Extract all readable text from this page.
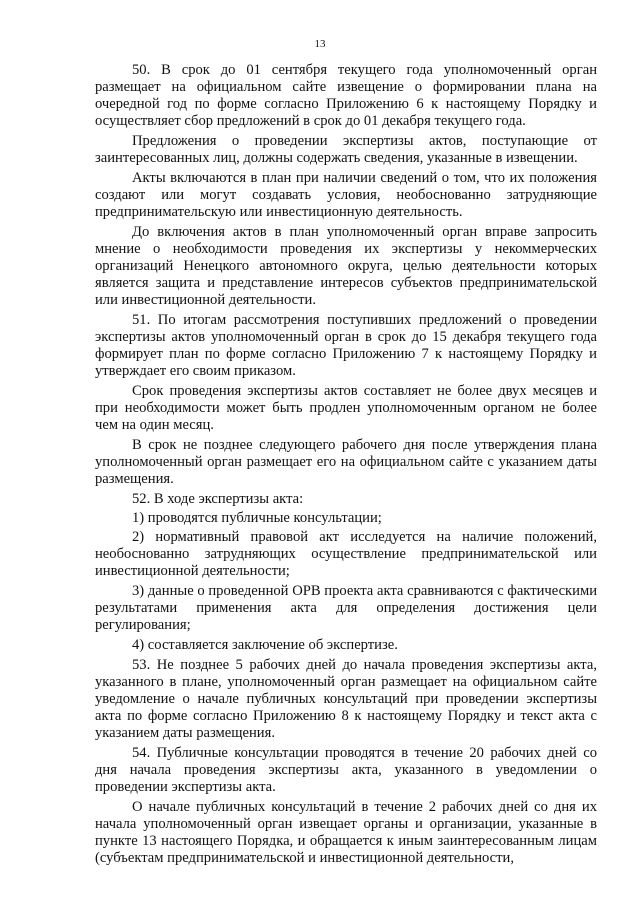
13

50. В срок до 01 сентября текущего года уполномоченный орган размещает на официальном сайте извещение о формировании плана на очередной год по форме согласно Приложению 6 к настоящему Порядку и осуществляет сбор предложений в срок до 01 декабря текущего года.

Предложения о проведении экспертизы актов, поступающие от заинтересованных лиц, должны содержать сведения, указанные в извещении.

Акты включаются в план при наличии сведений о том, что их положения создают или могут создавать условия, необоснованно затрудняющие предпринимательскую или инвестиционную деятельность.

До включения актов в план уполномоченный орган вправе запросить мнение о необходимости проведения их экспертизы у некоммерческих организаций Ненецкого автономного округа, целью деятельности которых является защита и представление интересов субъектов предпринимательской или инвестиционной деятельности.

51. По итогам рассмотрения поступивших предложений о проведении экспертизы актов уполномоченный орган в срок до 15 декабря текущего года формирует план по форме согласно Приложению 7 к настоящему Порядку и утверждает его своим приказом.

Срок проведения экспертизы актов составляет не более двух месяцев и при необходимости может быть продлен уполномоченным органом не более чем на один месяц.

В срок не позднее следующего рабочего дня после утверждения плана уполномоченный орган размещает его на официальном сайте с указанием даты размещения.

52. В ходе экспертизы акта:

1) проводятся публичные консультации;

2) нормативный правовой акт исследуется на наличие положений, необоснованно затрудняющих осуществление предпринимательской или инвестиционной деятельности;

3) данные о проведенной ОРВ проекта акта сравниваются с фактическими результатами применения акта для определения достижения цели регулирования;

4) составляется заключение об экспертизе.

53. Не позднее 5 рабочих дней до начала проведения экспертизы акта, указанного в плане, уполномоченный орган размещает на официальном сайте уведомление о начале публичных консультаций при проведении экспертизы акта по форме согласно Приложению 8 к настоящему Порядку и текст акта с указанием даты размещения.

54. Публичные консультации проводятся в течение 20 рабочих дней со дня начала проведения экспертизы акта, указанного в уведомлении о проведении экспертизы акта.

О начале публичных консультаций в течение 2 рабочих дней со дня их начала уполномоченный орган извещает органы и организации, указанные в пункте 13 настоящего Порядка, и обращается к иным заинтересованным лицам (субъектам предпринимательской и инвестиционной деятельности,
